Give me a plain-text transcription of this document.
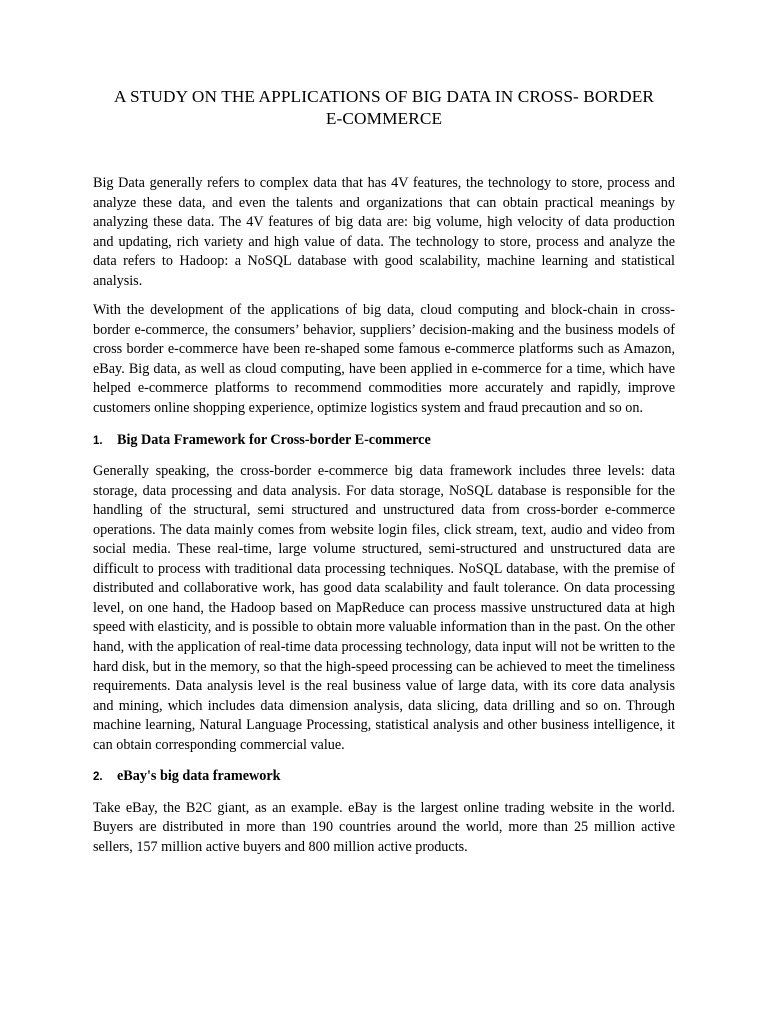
A STUDY ON THE APPLICATIONS OF BIG DATA IN CROSS- BORDER
E-COMMERCE

Big Data generally refers to complex data that has 4V features, the technology to store, process and analyze these data, and even the talents and organizations that can obtain practical meanings by analyzing these data. The 4V features of big data are: big volume, high velocity of data production and updating, rich variety and high value of data. The technology to store, process and analyze the data refers to Hadoop: a NoSQL database with good scalability, machine learning and statistical analysis.

With the development of the applications of big data, cloud computing and block-chain in cross-border e-commerce, the consumers’ behavior, suppliers’ decision-making and the business models of cross border e-commerce have been re-shaped some famous e-commerce platforms such as Amazon, eBay. Big data, as well as cloud computing, have been applied in e-commerce for a time, which have helped e-commerce platforms to recommend commodities more accurately and rapidly, improve customers online shopping experience, optimize logistics system and fraud precaution and so on.

1.	Big Data Framework for Cross-border E-commerce

Generally speaking, the cross-border e-commerce big data framework includes three levels: data storage, data processing and data analysis. For data storage, NoSQL database is responsible for the handling of the structural, semi structured and unstructured data from cross-border e-commerce operations. The data mainly comes from website login files, click stream, text, audio and video from social media. These real-time, large volume structured, semi-structured and unstructured data are difficult to process with traditional data processing techniques. NoSQL database, with the premise of distributed and collaborative work, has good data scalability and fault tolerance. On data processing level, on one hand, the Hadoop based on MapReduce can process massive unstructured data at high speed with elasticity, and is possible to obtain more valuable information than in the past. On the other hand, with the application of real-time data processing technology, data input will not be written to the hard disk, but in the memory, so that the high-speed processing can be achieved to meet the timeliness requirements. Data analysis level is the real business value of large data, with its core data analysis and mining, which includes data dimension analysis, data slicing, data drilling and so on. Through machine learning, Natural Language Processing, statistical analysis and other business intelligence, it can obtain corresponding commercial value.

2.	eBay's big data framework

Take eBay, the B2C giant, as an example. eBay is the largest online trading website in the world. Buyers are distributed in more than 190 countries around the world, more than 25 million active sellers, 157 million active buyers and 800 million active products.
